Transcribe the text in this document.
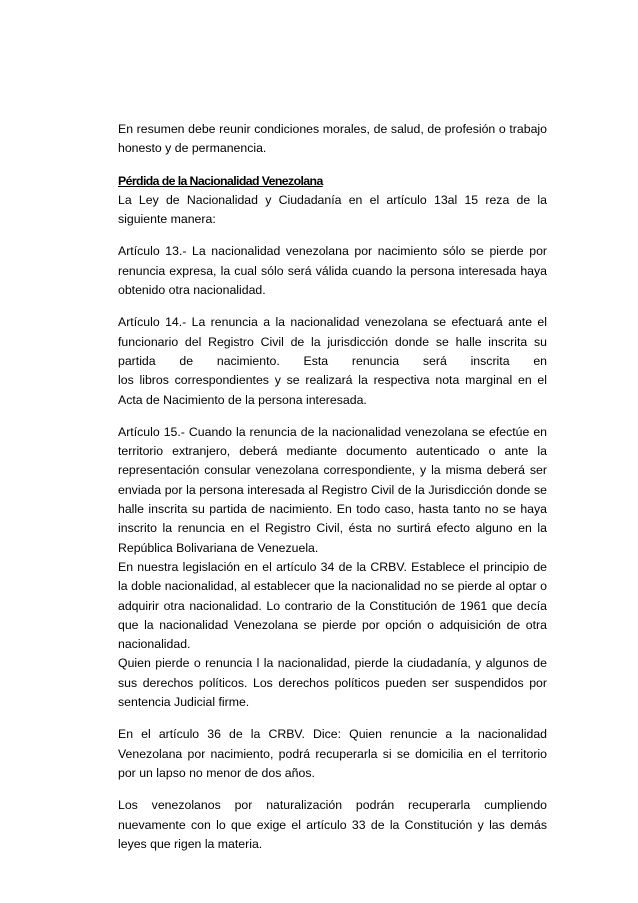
En resumen debe reunir condiciones morales, de salud, de profesión o trabajo honesto y de permanencia.

Pérdida de la Nacionalidad Venezolana

La Ley de Nacionalidad y Ciudadanía en el artículo 13al 15 reza de la siguiente manera:

Artículo 13.- La nacionalidad venezolana por nacimiento sólo se pierde por renuncia expresa, la cual sólo será válida cuando la persona interesada haya obtenido otra nacionalidad.

Artículo 14.- La renuncia a la nacionalidad venezolana se efectuará ante el funcionario del Registro Civil de la jurisdicción donde se halle inscrita su partida de nacimiento. Esta renuncia será inscrita en

los libros correspondientes y se realizará la respectiva nota marginal en el Acta de Nacimiento de la persona interesada.

Artículo 15.- Cuando la renuncia de la nacionalidad venezolana se efectúe en territorio extranjero, deberá mediante documento autenticado o ante la representación consular venezolana correspondiente, y la misma deberá ser enviada por la persona interesada al Registro Civil de la Jurisdicción donde se halle inscrita su partida de nacimiento. En todo caso, hasta tanto no se haya inscrito la renuncia en el Registro Civil, ésta no surtirá efecto alguno en la República Bolivariana de Venezuela.

En nuestra legislación en el artículo 34 de la CRBV. Establece el principio de la doble nacionalidad, al establecer que la nacionalidad no se pierde al optar o adquirir otra nacionalidad. Lo contrario de la Constitución de 1961 que decía que la nacionalidad Venezolana se pierde por opción o adquisición de otra nacionalidad.

Quien pierde o renuncia l la nacionalidad, pierde la ciudadanía, y algunos de sus derechos políticos. Los derechos políticos pueden ser suspendidos por sentencia Judicial firme.

En el artículo 36 de la CRBV. Dice: Quien renuncie a la nacionalidad Venezolana por nacimiento, podrá recuperarla si se domicilia en el territorio por un lapso no menor de dos años.

Los venezolanos por naturalización podrán recuperarla cumpliendo nuevamente con lo que exige el artículo 33 de la Constitución y las demás leyes que rigen la materia.
